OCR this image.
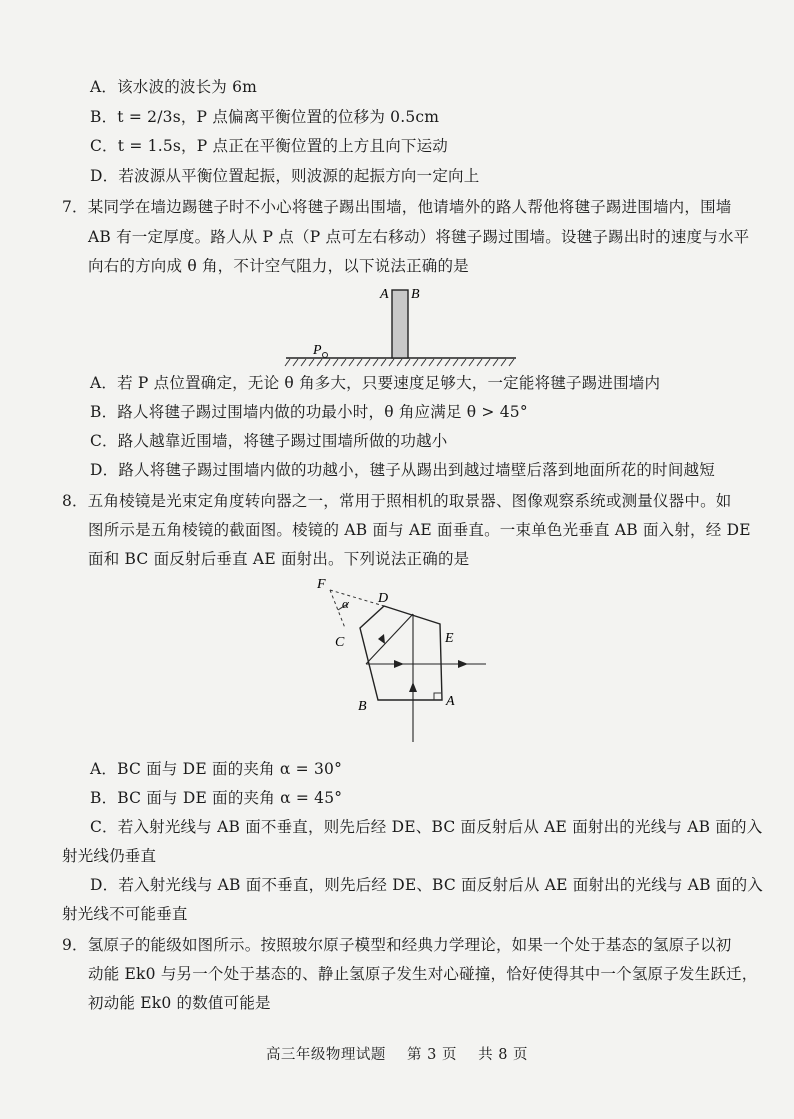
A．该水波的波长为 6m
B．t = 2/3s，P 点偏离平衡位置的位移为 0.5cm
C．t = 1.5s，P 点正在平衡位置的上方且向下运动
D．若波源从平衡位置起振，则波源的起振方向一定向上
7．某同学在墙边踢毽子时不小心将毽子踢出围墙，他请墙外的路人帮他将毽子踢进围墙内，围墙
AB 有一定厚度。路人从 P 点（P 点可左右移动）将毽子踢过围墙。设毽子踢出时的速度与水平
向右的方向成 θ 角，不计空气阻力，以下说法正确的是
A B
P
A．若 P 点位置确定，无论 θ 角多大，只要速度足够大，一定能将毽子踢进围墙内
B．路人将毽子踢过围墙内做的功最小时，θ 角应满足 θ > 45°
C．路人越靠近围墙，将毽子踢过围墙所做的功越小
D．路人将毽子踢过围墙内做的功越小，毽子从踢出到越过墙壁后落到地面所花的时间越短
8．五角棱镜是光束定角度转向器之一，常用于照相机的取景器、图像观察系统或测量仪器中。如
图所示是五角棱镜的截面图。棱镜的 AB 面与 AE 面垂直。一束单色光垂直 AB 面入射，经 DE
面和 BC 面反射后垂直 AE 面射出。下列说法正确的是
F
α D
C	E
B	A
A．BC 面与 DE 面的夹角 α = 30°
B．BC 面与 DE 面的夹角 α = 45°
C．若入射光线与 AB 面不垂直，则先后经 DE、BC 面反射后从 AE 面射出的光线与 AB 面的入
射光线仍垂直
D．若入射光线与 AB 面不垂直，则先后经 DE、BC 面反射后从 AE 面射出的光线与 AB 面的入
射光线不可能垂直
9．氢原子的能级如图所示。按照玻尔原子模型和经典力学理论，如果一个处于基态的氢原子以初
动能 Ek0 与另一个处于基态的、静止氢原子发生对心碰撞，恰好使得其中一个氢原子发生跃迁，
初动能 Ek0 的数值可能是
高三年级物理试题 第 3 页 共 8 页
